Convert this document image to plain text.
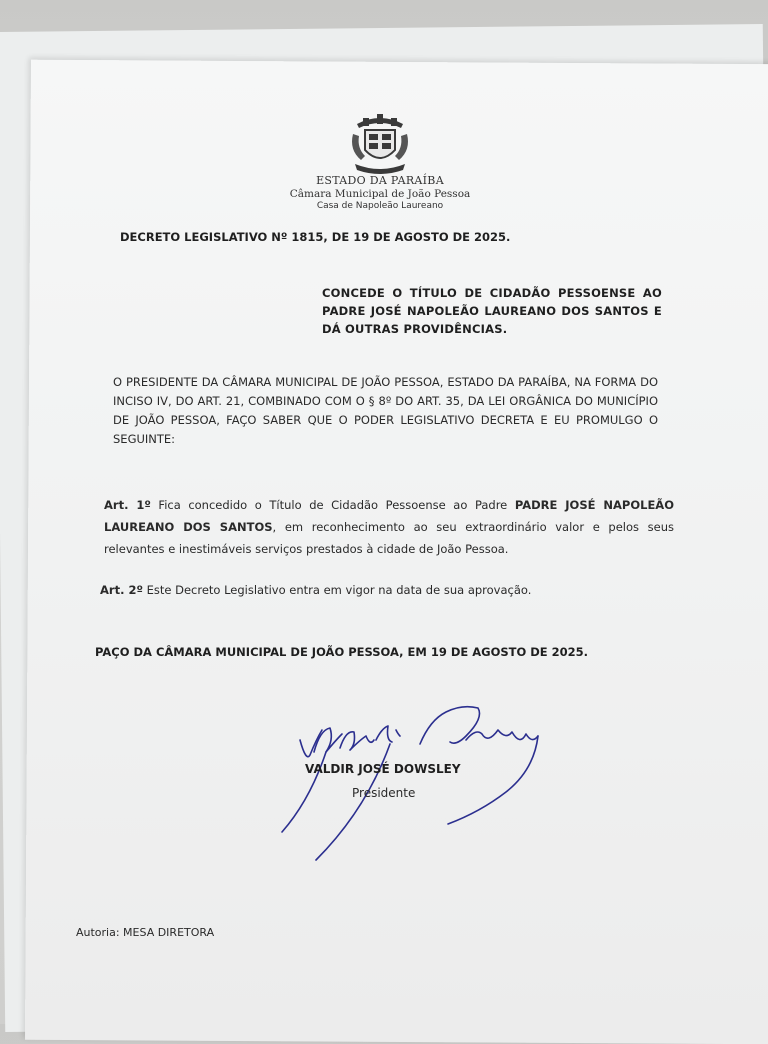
ESTADO DA PARAÍBA
Câmara Municipal de João Pessoa
Casa de Napoleão Laureano
DECRETO LEGISLATIVO Nº 1815, DE 19 DE AGOSTO DE 2025.
CONCEDE O TÍTULO DE CIDADÃO PESSOENSE AO PADRE JOSÉ NAPOLEÃO LAUREANO DOS SANTOS E DÁ OUTRAS PROVIDÊNCIAS.
O PRESIDENTE DA CÂMARA MUNICIPAL DE JOÃO PESSOA, ESTADO DA PARAÍBA, NA FORMA DO INCISO IV, DO ART. 21, COMBINADO COM O § 8º DO ART. 35, DA LEI ORGÂNICA DO MUNICÍPIO DE JOÃO PESSOA, FAÇO SABER QUE O PODER LEGISLATIVO DECRETA E EU PROMULGO O SEGUINTE:
Art. 1º Fica concedido o Título de Cidadão Pessoense ao Padre PADRE JOSÉ NAPOLEÃO LAUREANO DOS SANTOS, em reconhecimento ao seu extraordinário valor e pelos seus relevantes e inestimáveis serviços prestados à cidade de João Pessoa.
Art. 2º Este Decreto Legislativo entra em vigor na data de sua aprovação.
PAÇO DA CÂMARA MUNICIPAL DE JOÃO PESSOA, EM 19 DE AGOSTO DE 2025.
VALDIR JOSÉ DOWSLEY
Presidente
Autoria: MESA DIRETORA
